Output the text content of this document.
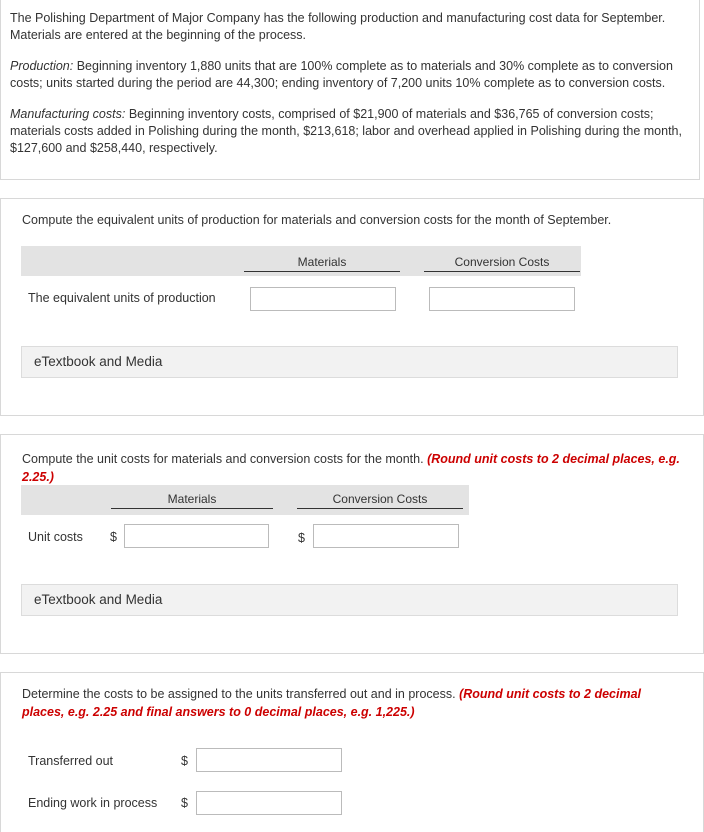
The Polishing Department of Major Company has the following production and manufacturing cost data for September. Materials are entered at the beginning of the process.

Production: Beginning inventory 1,880 units that are 100% complete as to materials and 30% complete as to conversion costs; units started during the period are 44,300; ending inventory of 7,200 units 10% complete as to conversion costs.

Manufacturing costs: Beginning inventory costs, comprised of $21,900 of materials and $36,765 of conversion costs; materials costs added in Polishing during the month, $213,618; labor and overhead applied in Polishing during the month, $127,600 and $258,440, respectively.

Compute the equivalent units of production for materials and conversion costs for the month of September.
Materials	Conversion Costs
The equivalent units of production
eTextbook and Media
Compute the unit costs for materials and conversion costs for the month. (Round unit costs to 2 decimal places, e.g. 2.25.)
Materials	Conversion Costs
Unit costs $	$
eTextbook and Media
Determine the costs to be assigned to the units transferred out and in process. (Round unit costs to 2 decimal places, e.g. 2.25 and final answers to 0 decimal places, e.g. 1,225.)
Transferred out	$
Ending work in process $
